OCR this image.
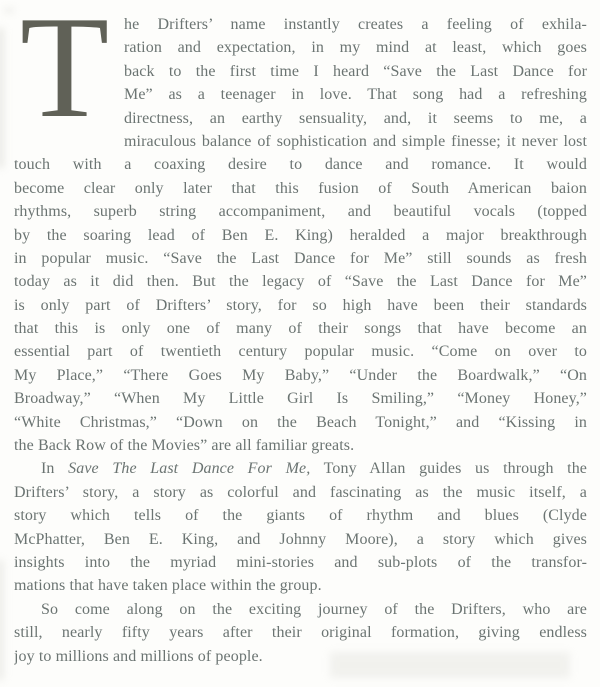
T he Drifters’ name instantly creates a feeling of exhila-
ration and expectation, in my mind at least, which goes
back to the first time I heard “Save the Last Dance for
Me” as a teenager in love. That song had a refreshing
directness, an earthy sensuality, and, it seems to me, a
miraculous balance of sophistication and simple finesse; it never lost
touch with a coaxing desire to dance and romance. It would
become clear only later that this fusion of South American baion
rhythms, superb string accompaniment, and beautiful vocals (topped
by the soaring lead of Ben E. King) heralded a major breakthrough
in popular music. “Save the Last Dance for Me” still sounds as fresh
today as it did then. But the legacy of “Save the Last Dance for Me”
is only part of Drifters’ story, for so high have been their standards
that this is only one of many of their songs that have become an
essential part of twentieth century popular music. “Come on over to
My Place,” “There Goes My Baby,” “Under the Boardwalk,” “On
Broadway,” “When My Little Girl Is Smiling,” “Money Honey,”
“White Christmas,” “Down on the Beach Tonight,” and “Kissing in
the Back Row of the Movies” are all familiar greats.
In Save The Last Dance For Me, Tony Allan guides us through the
Drifters’ story, a story as colorful and fascinating as the music itself, a
story which tells of the giants of rhythm and blues (Clyde
McPhatter, Ben E. King, and Johnny Moore), a story which gives
insights into the myriad mini-stories and sub-plots of the transfor-
mations that have taken place within the group.
So come along on the exciting journey of the Drifters, who are
still, nearly fifty years after their original formation, giving endless
joy to millions and millions of people.
